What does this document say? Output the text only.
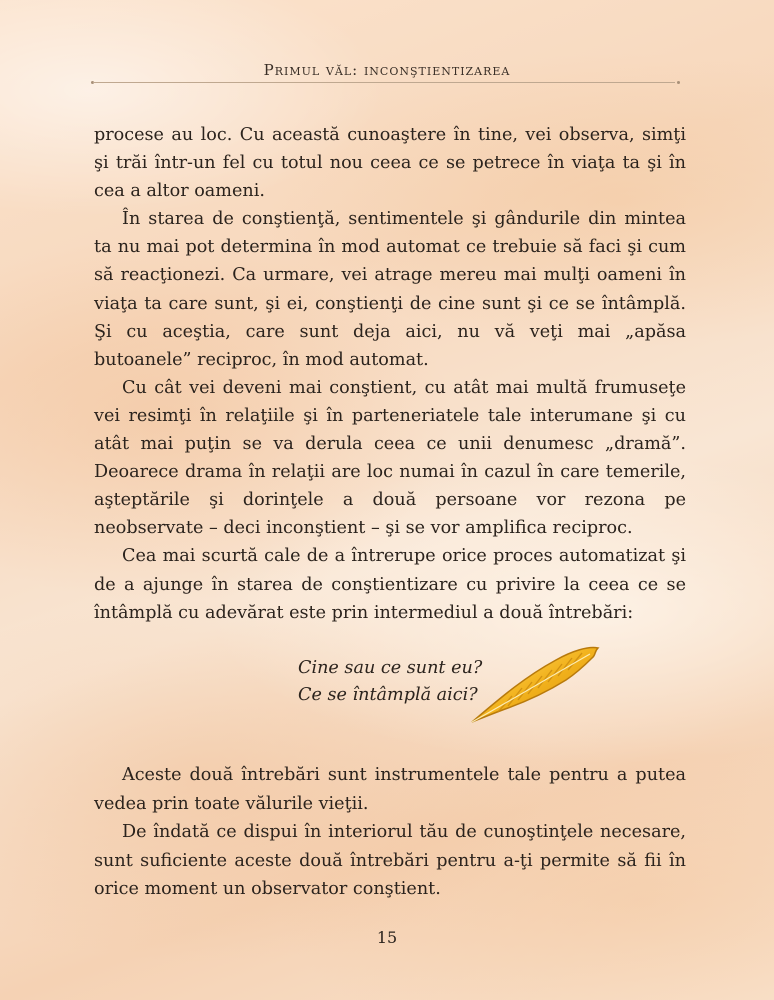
Primul văl: inconştientizarea

procese au loc. Cu această cunoaştere în tine, vei observa, simţi şi trăi într-un fel cu totul nou ceea ce se petrece în viaţa ta şi în cea a altor oameni.

În starea de conştienţă, sentimentele şi gândurile din mintea ta nu mai pot determina în mod automat ce trebuie să faci şi cum să reacţionezi. Ca urmare, vei atrage mereu mai mulţi oameni în viaţa ta care sunt, şi ei, conştienţi de cine sunt şi ce se întâmplă. Şi cu aceştia, care sunt deja aici, nu vă veţi mai „apăsa butoanele” reciproc, în mod automat.

Cu cât vei deveni mai conştient, cu atât mai multă frumuseţe vei resimţi în relaţiile şi în parteneriatele tale interumane şi cu atât mai puţin se va derula ceea ce unii denumesc „dramă”. Deoarece drama în relaţii are loc numai în cazul în care temerile, aşteptările şi dorinţele a două persoane vor rezona pe neobservate – deci inconştient – şi se vor amplifica reciproc.

Cea mai scurtă cale de a întrerupe orice proces automatizat şi de a ajunge în starea de conştientizare cu privire la ceea ce se întâmplă cu adevărat este prin intermediul a două întrebări:

Cine sau ce sunt eu?
Ce se întâmplă aici?

Aceste două întrebări sunt instrumentele tale pentru a putea vedea prin toate vălurile vieţii.

De îndată ce dispui în interiorul tău de cunoştinţele necesare, sunt suficiente aceste două întrebări pentru a-ţi permite să fii în orice moment un observator conştient.

15
